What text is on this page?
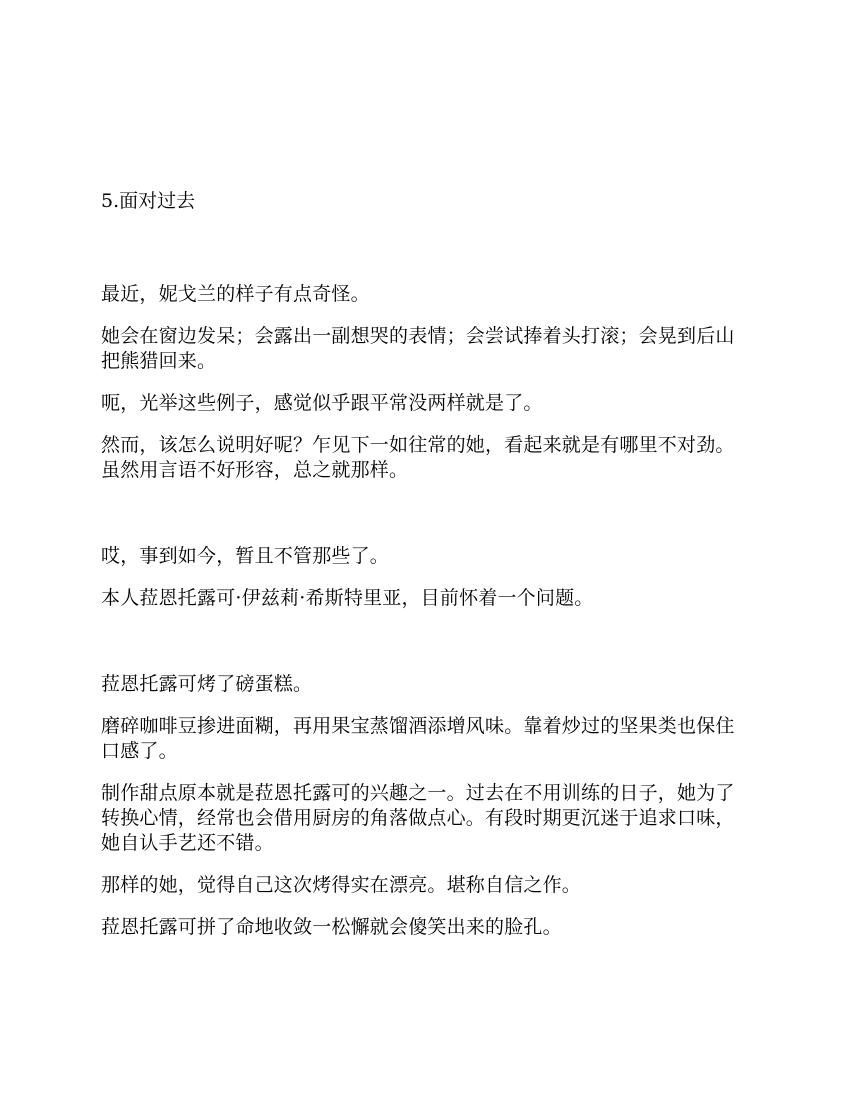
5.面对过去

最近，妮戈兰的样子有点奇怪。

她会在窗边发呆；会露出一副想哭的表情；会尝试捧着头打滚；会晃到后山把熊猎回来。

呃，光举这些例子，感觉似乎跟平常没两样就是了。

然而，该怎么说明好呢？乍见下一如往常的她，看起来就是有哪里不对劲。虽然用言语不好形容，总之就那样。

哎，事到如今，暂且不管那些了。

本人菈恩托露可·伊兹莉·希斯特里亚，目前怀着一个问题。

菈恩托露可烤了磅蛋糕。

磨碎咖啡豆掺进面糊，再用果宝蒸馏酒添增风味。靠着炒过的坚果类也保住口感了。

制作甜点原本就是菈恩托露可的兴趣之一。过去在不用训练的日子，她为了转换心情，经常也会借用厨房的角落做点心。有段时期更沉迷于追求口味，她自认手艺还不错。

那样的她，觉得自己这次烤得实在漂亮。堪称自信之作。

菈恩托露可拼了命地收敛一松懈就会傻笑出来的脸孔。
